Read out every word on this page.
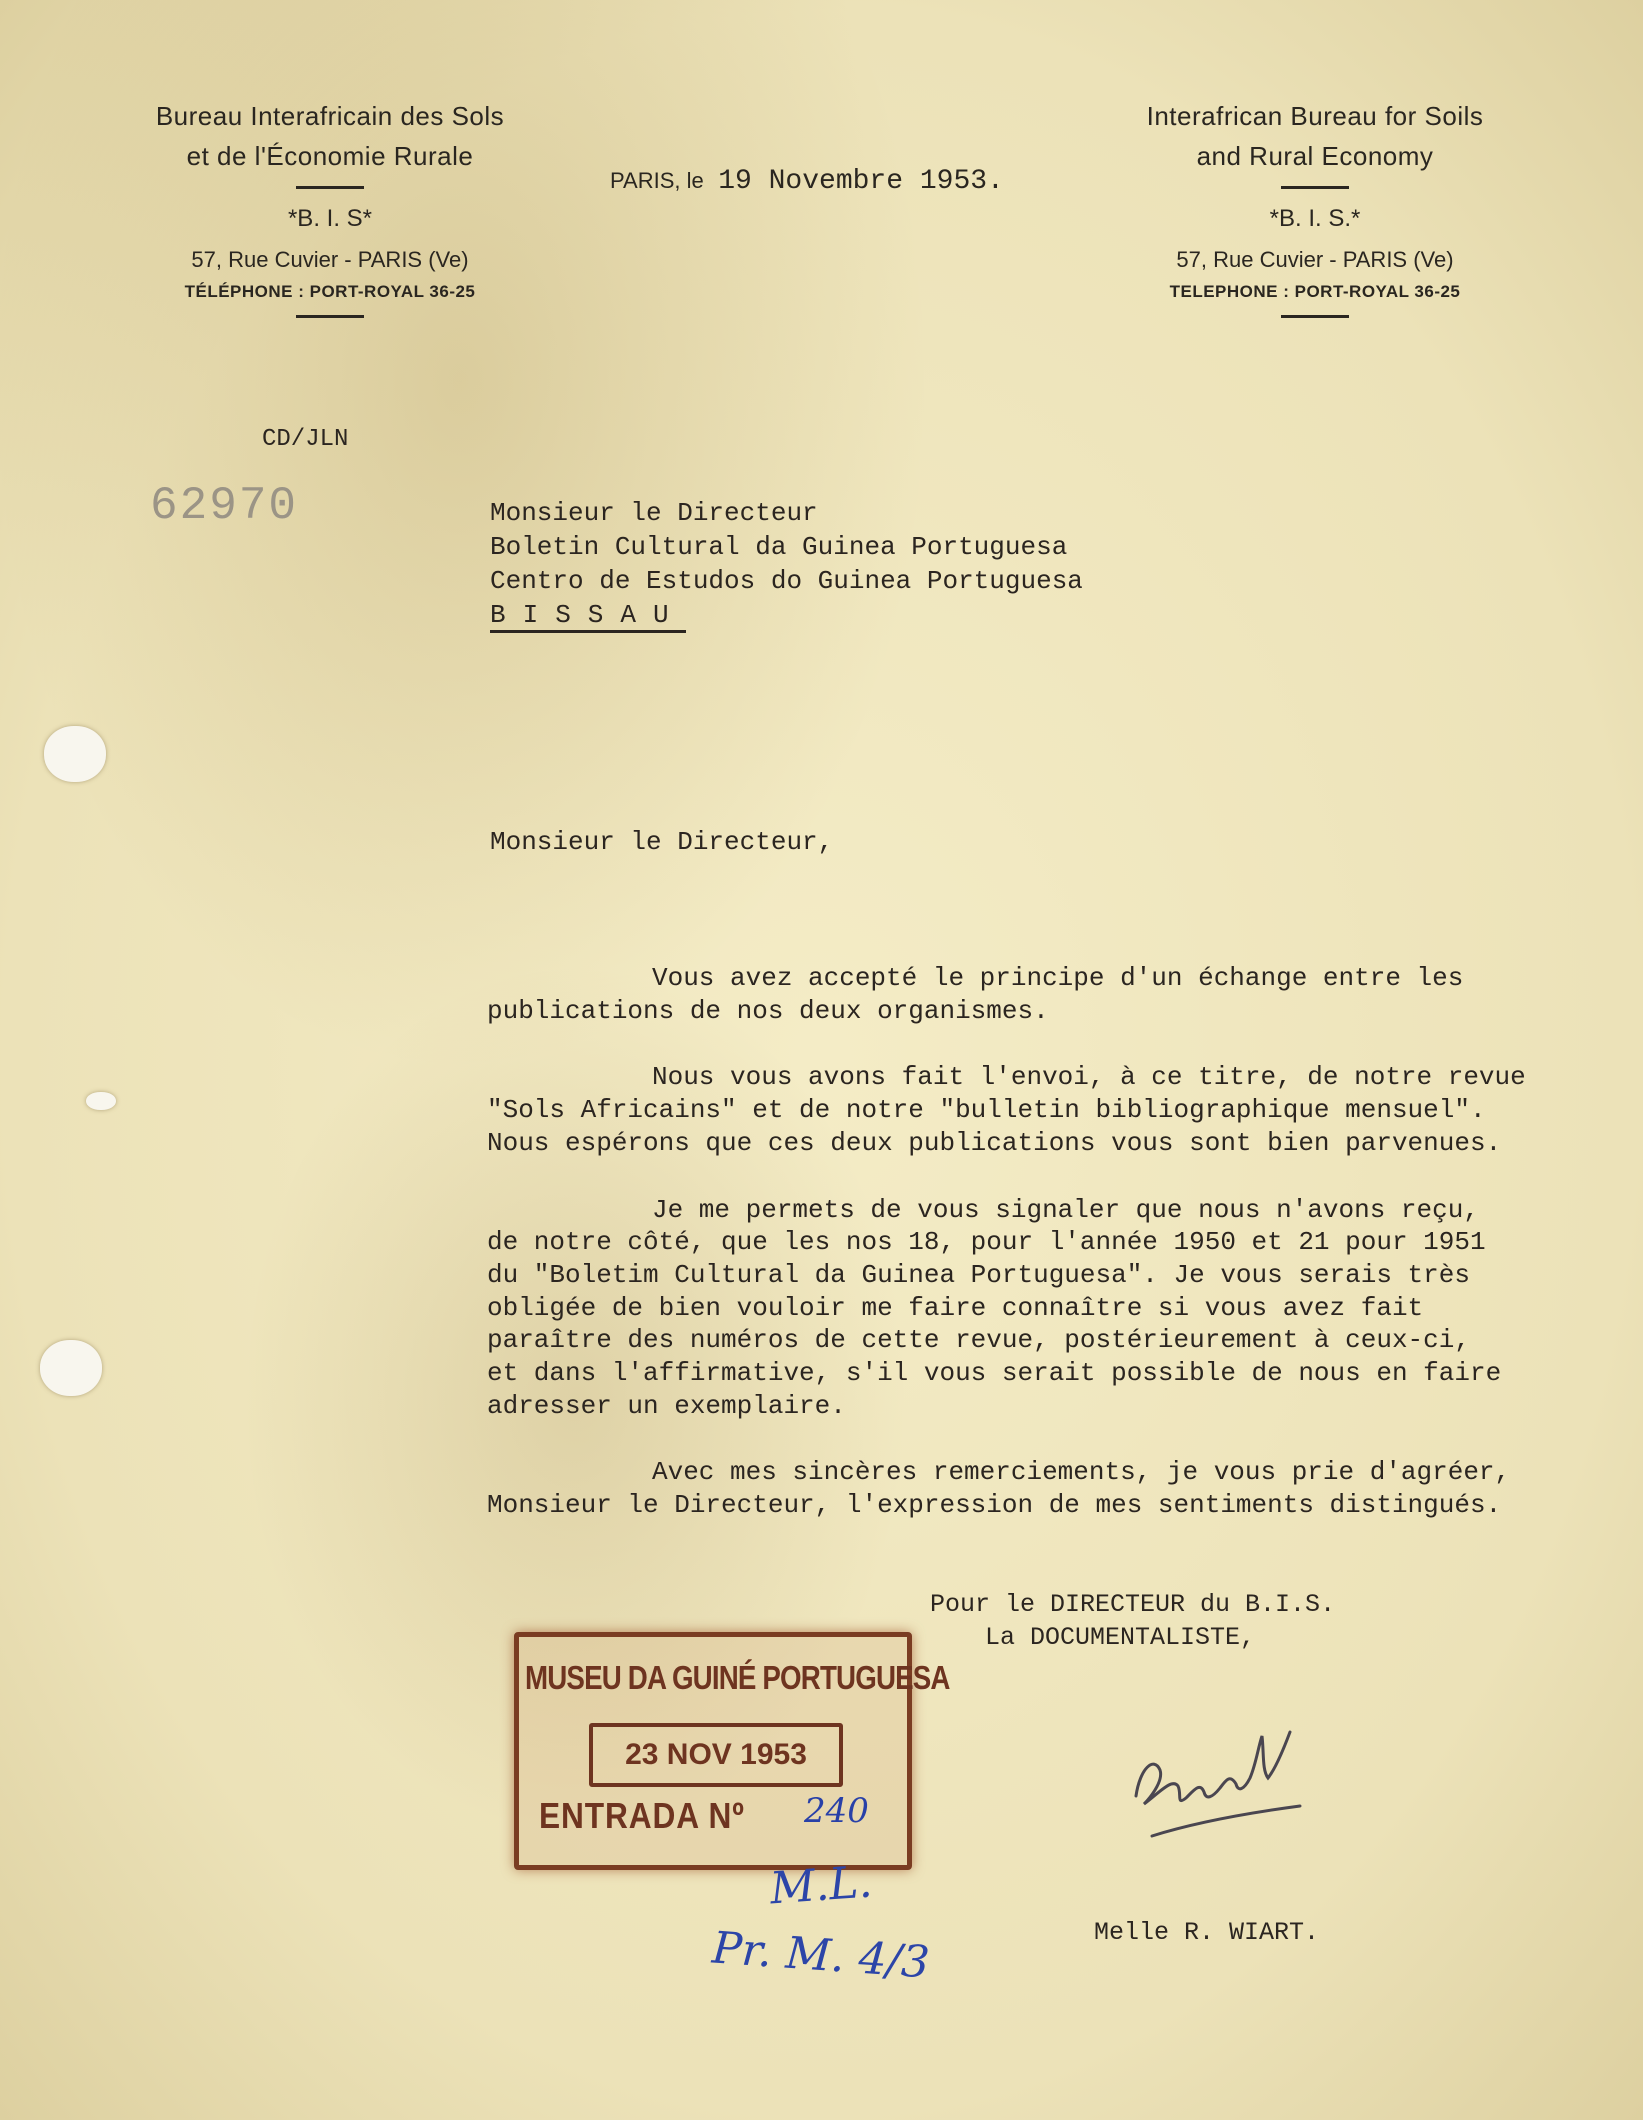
Bureau Interafricain des Sols
et de l'Économie Rurale
*B. I. S*
57, Rue Cuvier - PARIS (Ve)
TÉLÉPHONE : PORT-ROYAL 36-25
PARIS, le 19 Novembre 1953.
Interafrican Bureau for Soils
and Rural Economy
*B. I. S.*
57, Rue Cuvier - PARIS (Ve)
TELEPHONE : PORT-ROYAL 36-25
CD/JLN
62970	Monsieur le Directeur
Boletin Cultural da Guinea Portuguesa
Centro de Estudos do Guinea Portuguesa
BISSAU
Monsieur le Directeur,

Vous avez accepté le principe d'un échange entre les
publications de nos deux organismes.

Nous vous avons fait l'envoi, à ce titre, de notre revue
"Sols Africains" et de notre "bulletin bibliographique mensuel".
Nous espérons que ces deux publications vous sont bien parvenues.

Je me permets de vous signaler que nous n'avons reçu,
de notre côté, que les nos 18, pour l'année 1950 et 21 pour 1951
du "Boletim Cultural da Guinea Portuguesa". Je vous serais très
obligée de bien vouloir me faire connaître si vous avez fait
paraître des numéros de cette revue, postérieurement à ceux-ci,
et dans l'affirmative, s'il vous serait possible de nous en faire
adresser un exemplaire.

Avec mes sincères remerciements, je vous prie d'agréer,
Monsieur le Directeur, l'expression de mes sentiments distingués.

Pour le DIRECTEUR du B.I.S.
La DOCUMENTALISTE,
Melle R. WIART.
MUSEU DA GUINÉ PORTUGUESA
23 NOV 1953
ENTRADA Nº 240
M.L.
Pr. M. 4/3
